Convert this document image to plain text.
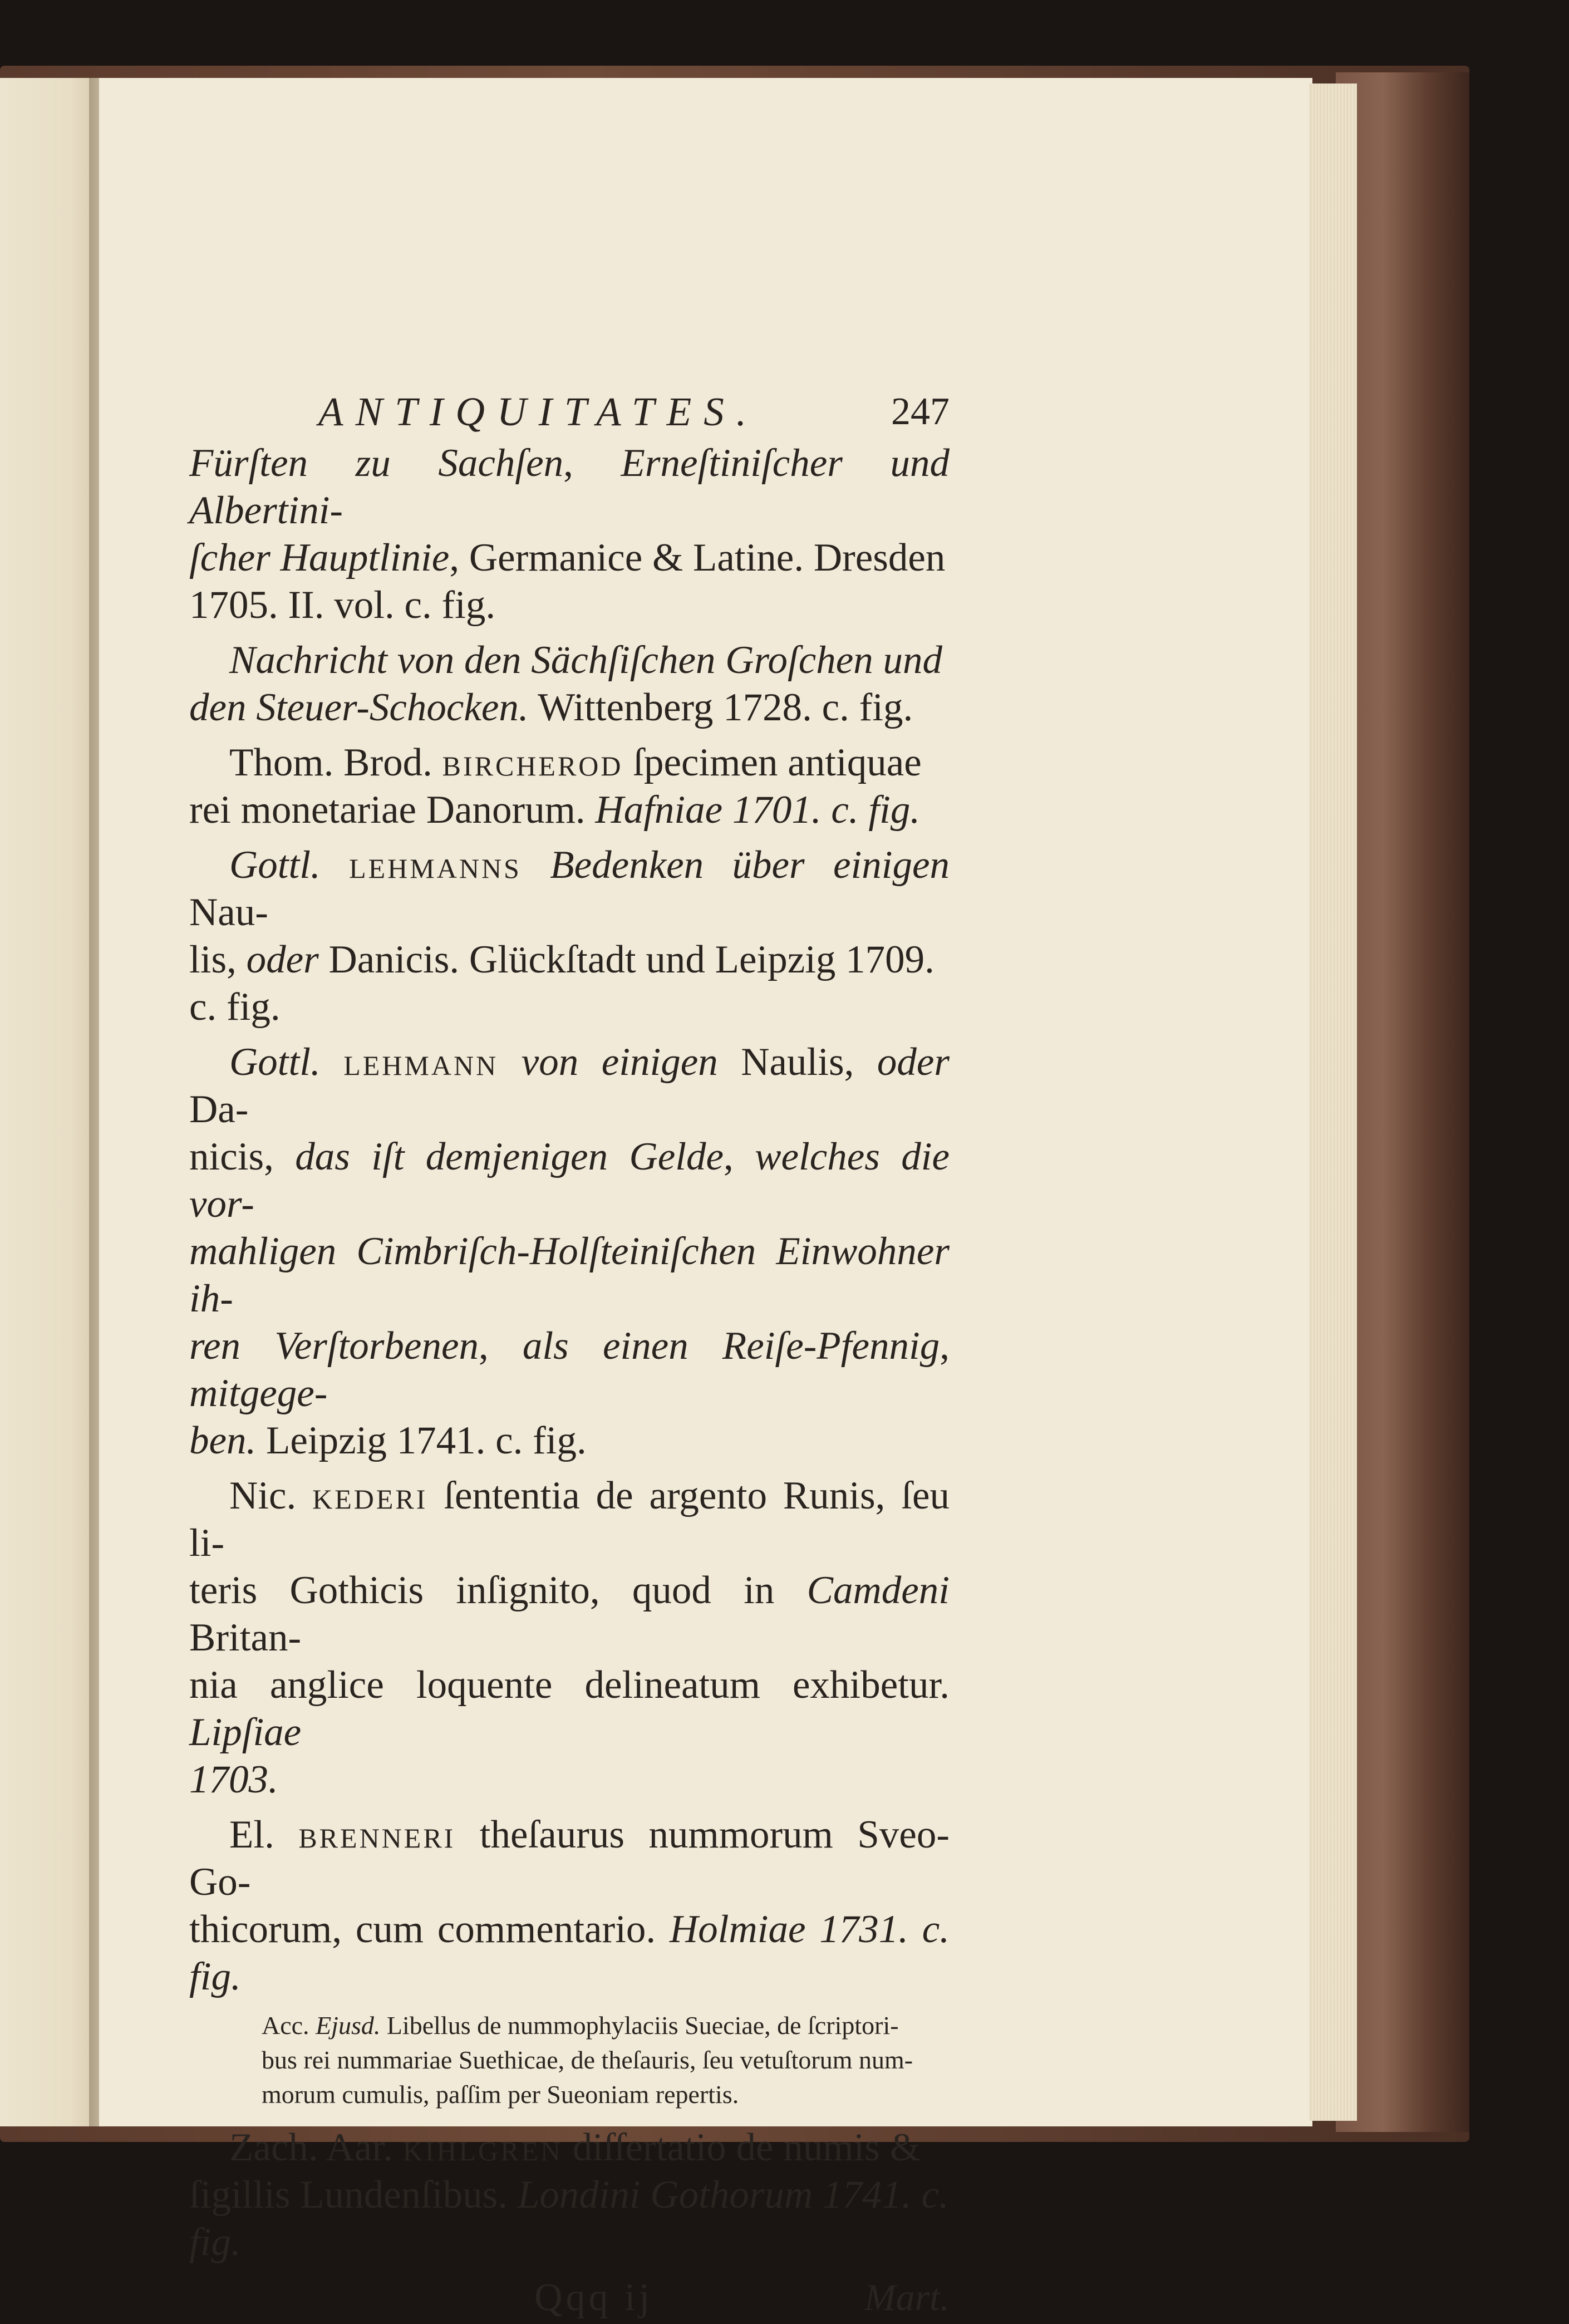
ANTIQUITATES.	247
Fürſten zu Sachſen, Erneſtiniſcher und Albertini-
ſcher Hauptlinie, Germanice & Latine. Dresden
1705. II. vol. c. fig.
Nachricht von den Sächſiſchen Groſchen und
den Steuer-Schocken. Wittenberg 1728. c. fig.
Thom. Brod. bircherod ſpecimen antiquae
rei monetariae Danorum. Hafniae 1701. c. fig.
Gottl. lehmanns Bedenken über einigen Nau-
lis, oder Danicis. Glückſtadt und Leipzig 1709.
c. fig.
Gottl. lehmann von einigen Naulis, oder Da-
nicis, das iſt demjenigen Gelde, welches die vor-
mahligen Cimbriſch-Holſteiniſchen Einwohner ih-
ren Verſtorbenen, als einen Reiſe-Pfennig, mitgege-
ben. Leipzig 1741. c. fig.
Nic. kederi ſententia de argento Runis, ſeu li-
teris Gothicis inſignito, quod in Camdeni Britan-
nia anglice loquente delineatum exhibetur. Lipſiae
1703.
El. brenneri theſaurus nummorum Sveo-Go-
thicorum, cum commentario. Holmiae 1731. c. fig.
Acc. Ejusd. Libellus de nummophylaciis Sueciae, de ſcriptori-
bus rei nummariae Suethicae, de theſauris, ſeu vetuſtorum num-
morum cumulis, paſſim per Sueoniam repertis.
Zach. Aar. kihlgren diſſertatio de numis &
ſigillis Lundenſibus. Londini Gothorum 1741. c.
fig.
Qqq ij	Mart.
